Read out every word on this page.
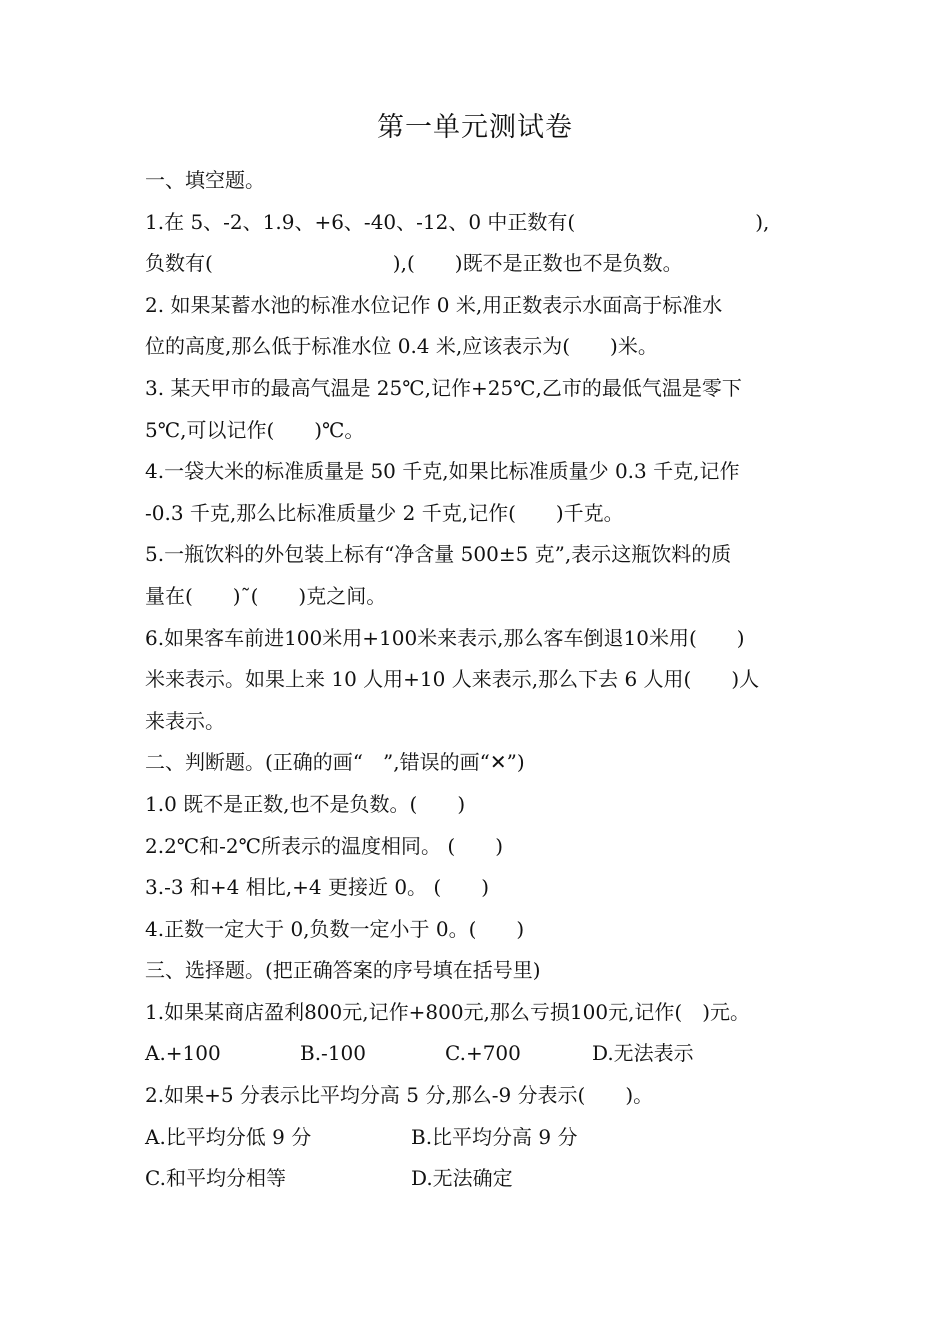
第一单元测试卷
一、填空题。
1.在 5、-2、1.9、+6、-40、-12、0 中正数有(　　　　　　　　　),
负数有(　　　　　　　　　),(　　)既不是正数也不是负数。
2. 如果某蓄水池的标准水位记作 0 米,用正数表示水面高于标准水
位的高度,那么低于标准水位 0.4 米,应该表示为(　　)米。
3. 某天甲市的最高气温是 25℃,记作+25℃,乙市的最低气温是零下
5℃,可以记作(　　)℃。
4.一袋大米的标准质量是 50 千克,如果比标准质量少 0.3 千克,记作
-0.3 千克,那么比标准质量少 2 千克,记作(　　)千克。
5.一瓶饮料的外包装上标有“净含量 500±5 克”,表示这瓶饮料的质
量在(　　)˜(　　)克之间。
6.如果客车前进100米用+100米来表示,那么客车倒退10米用(　　)
米来表示。如果上来 10 人用+10 人来表示,那么下去 6 人用(　　)人
来表示。
二、判断题。(正确的画“　”,错误的画“✕”)
1.0 既不是正数,也不是负数。(　　)
2.2℃和-2℃所表示的温度相同。 (　　)
3.-3 和+4 相比,+4 更接近 0。 (　　)
4.正数一定大于 0,负数一定小于 0。(　　)
三、选择题。(把正确答案的序号填在括号里)
1.如果某商店盈利800元,记作+800元,那么亏损100元,记作(　)元。
A.+100	B.-100	C.+700	D.无法表示
2.如果+5 分表示比平均分高 5 分,那么-9 分表示(　　)。
A.比平均分低 9 分	B.比平均分高 9 分
C.和平均分相等	D.无法确定
